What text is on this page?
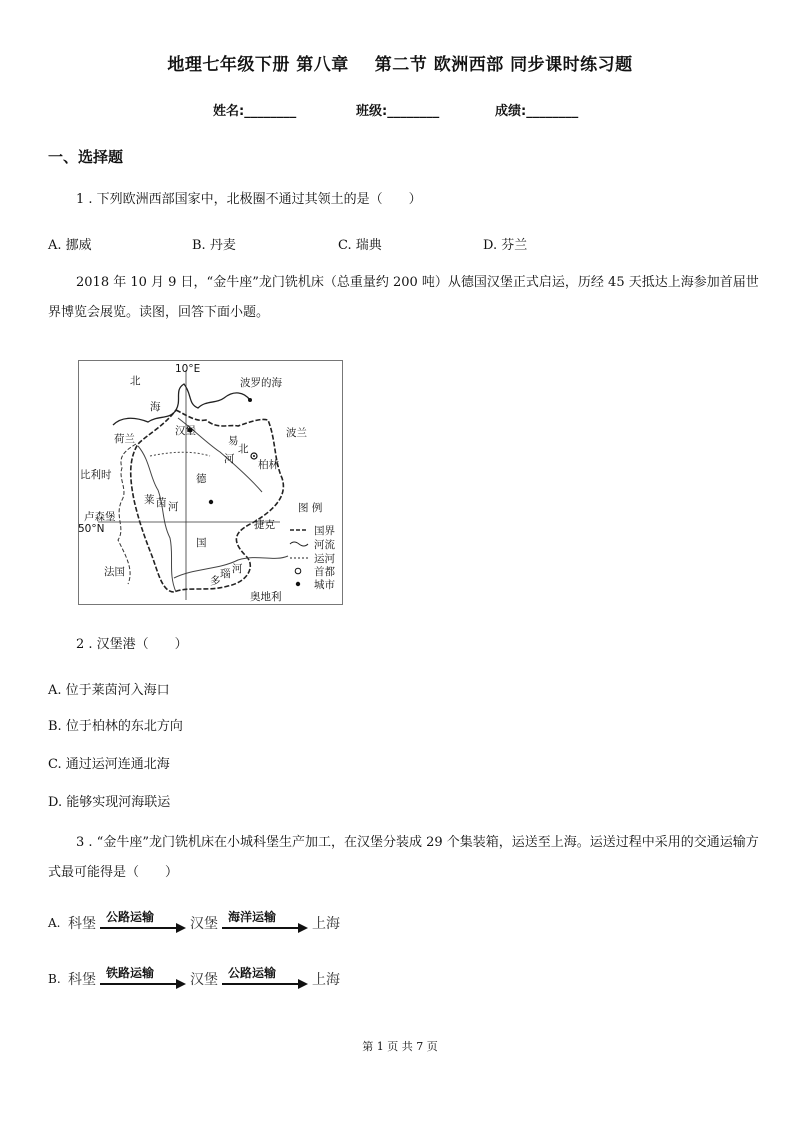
地理七年级下册 第八章 第二节 欧洲西部 同步课时练习题
姓名:________	班级:________	成绩:________
一、选择题
1 . 下列欧洲西部国家中，北极圈不通过其领土的是（　　）
A. 挪威	B. 丹麦	C. 瑞典	D. 芬兰
2018 年 10 月 9 日，“金牛座”龙门铣机床（总重量约 200 吨）从德国汉堡正式启运，历经 45 天抵达上海参加首届世界博览会展览。读图，回答下面小题。
10°E
50°N
北
海
波罗的海
荷兰
比利时
卢森堡
法国
波兰
捷克
奥地利
汉堡
柏林
德
国
莱 茵 河
多
瑙 河
易
北
河
图 例
国界
河流
运河
首都
城市
2 . 汉堡港（　　）
A. 位于莱茵河入海口
B. 位于柏林的东北方向
C. 通过运河连通北海
D. 能够实现河海联运
3 . “金牛座”龙门铣机床在小城科堡生产加工，在汉堡分装成 29 个集装箱，运送至上海。运送过程中采用的交通运输方式最可能得是（　　）
A. 科堡 公路运输	汉堡 海洋运输	上海
B. 科堡 铁路运输	汉堡 公路运输	上海
第 1 页 共 7 页
